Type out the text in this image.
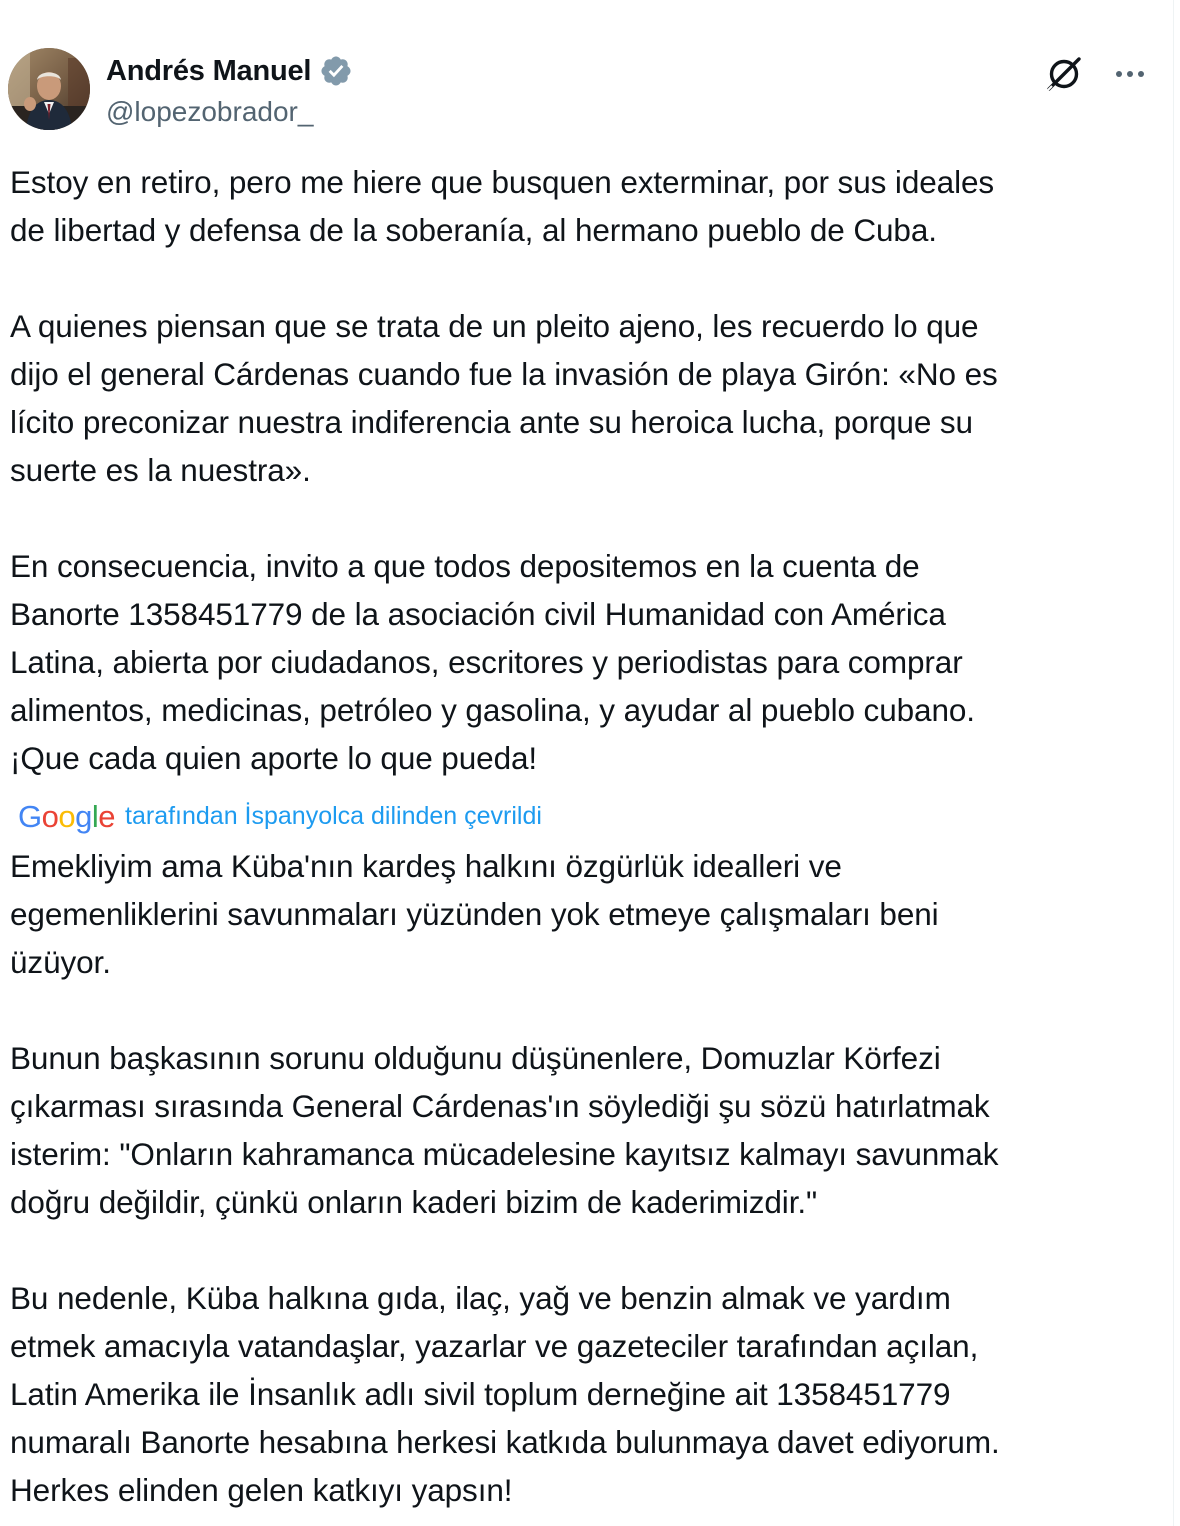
Andrés Manuel
@lopezobrador_
Estoy en retiro, pero me hiere que busquen exterminar, por sus ideales
de libertad y defensa de la soberanía, al hermano pueblo de Cuba.

A quienes piensan que se trata de un pleito ajeno, les recuerdo lo que
dijo el general Cárdenas cuando fue la invasión de playa Girón: «No es
lícito preconizar nuestra indiferencia ante su heroica lucha, porque su
suerte es la nuestra».

En consecuencia, invito a que todos depositemos en la cuenta de
Banorte 1358451779 de la asociación civil Humanidad con América
Latina, abierta por ciudadanos, escritores y periodistas para comprar
alimentos, medicinas, petróleo y gasolina, y ayudar al pueblo cubano.
¡Que cada quien aporte lo que pueda!
Google tarafından İspanyolca dilinden çevrildi
Emekliyim ama Küba'nın kardeş halkını özgürlük idealleri ve
egemenliklerini savunmaları yüzünden yok etmeye çalışmaları beni
üzüyor.

Bunun başkasının sorunu olduğunu düşünenlere, Domuzlar Körfezi
çıkarması sırasında General Cárdenas'ın söylediği şu sözü hatırlatmak
isterim: "Onların kahramanca mücadelesine kayıtsız kalmayı savunmak
doğru değildir, çünkü onların kaderi bizim de kaderimizdir."

Bu nedenle, Küba halkına gıda, ilaç, yağ ve benzin almak ve yardım
etmek amacıyla vatandaşlar, yazarlar ve gazeteciler tarafından açılan,
Latin Amerika ile İnsanlık adlı sivil toplum derneğine ait 1358451779
numaralı Banorte hesabına herkesi katkıda bulunmaya davet ediyorum.
Herkes elinden gelen katkıyı yapsın!
